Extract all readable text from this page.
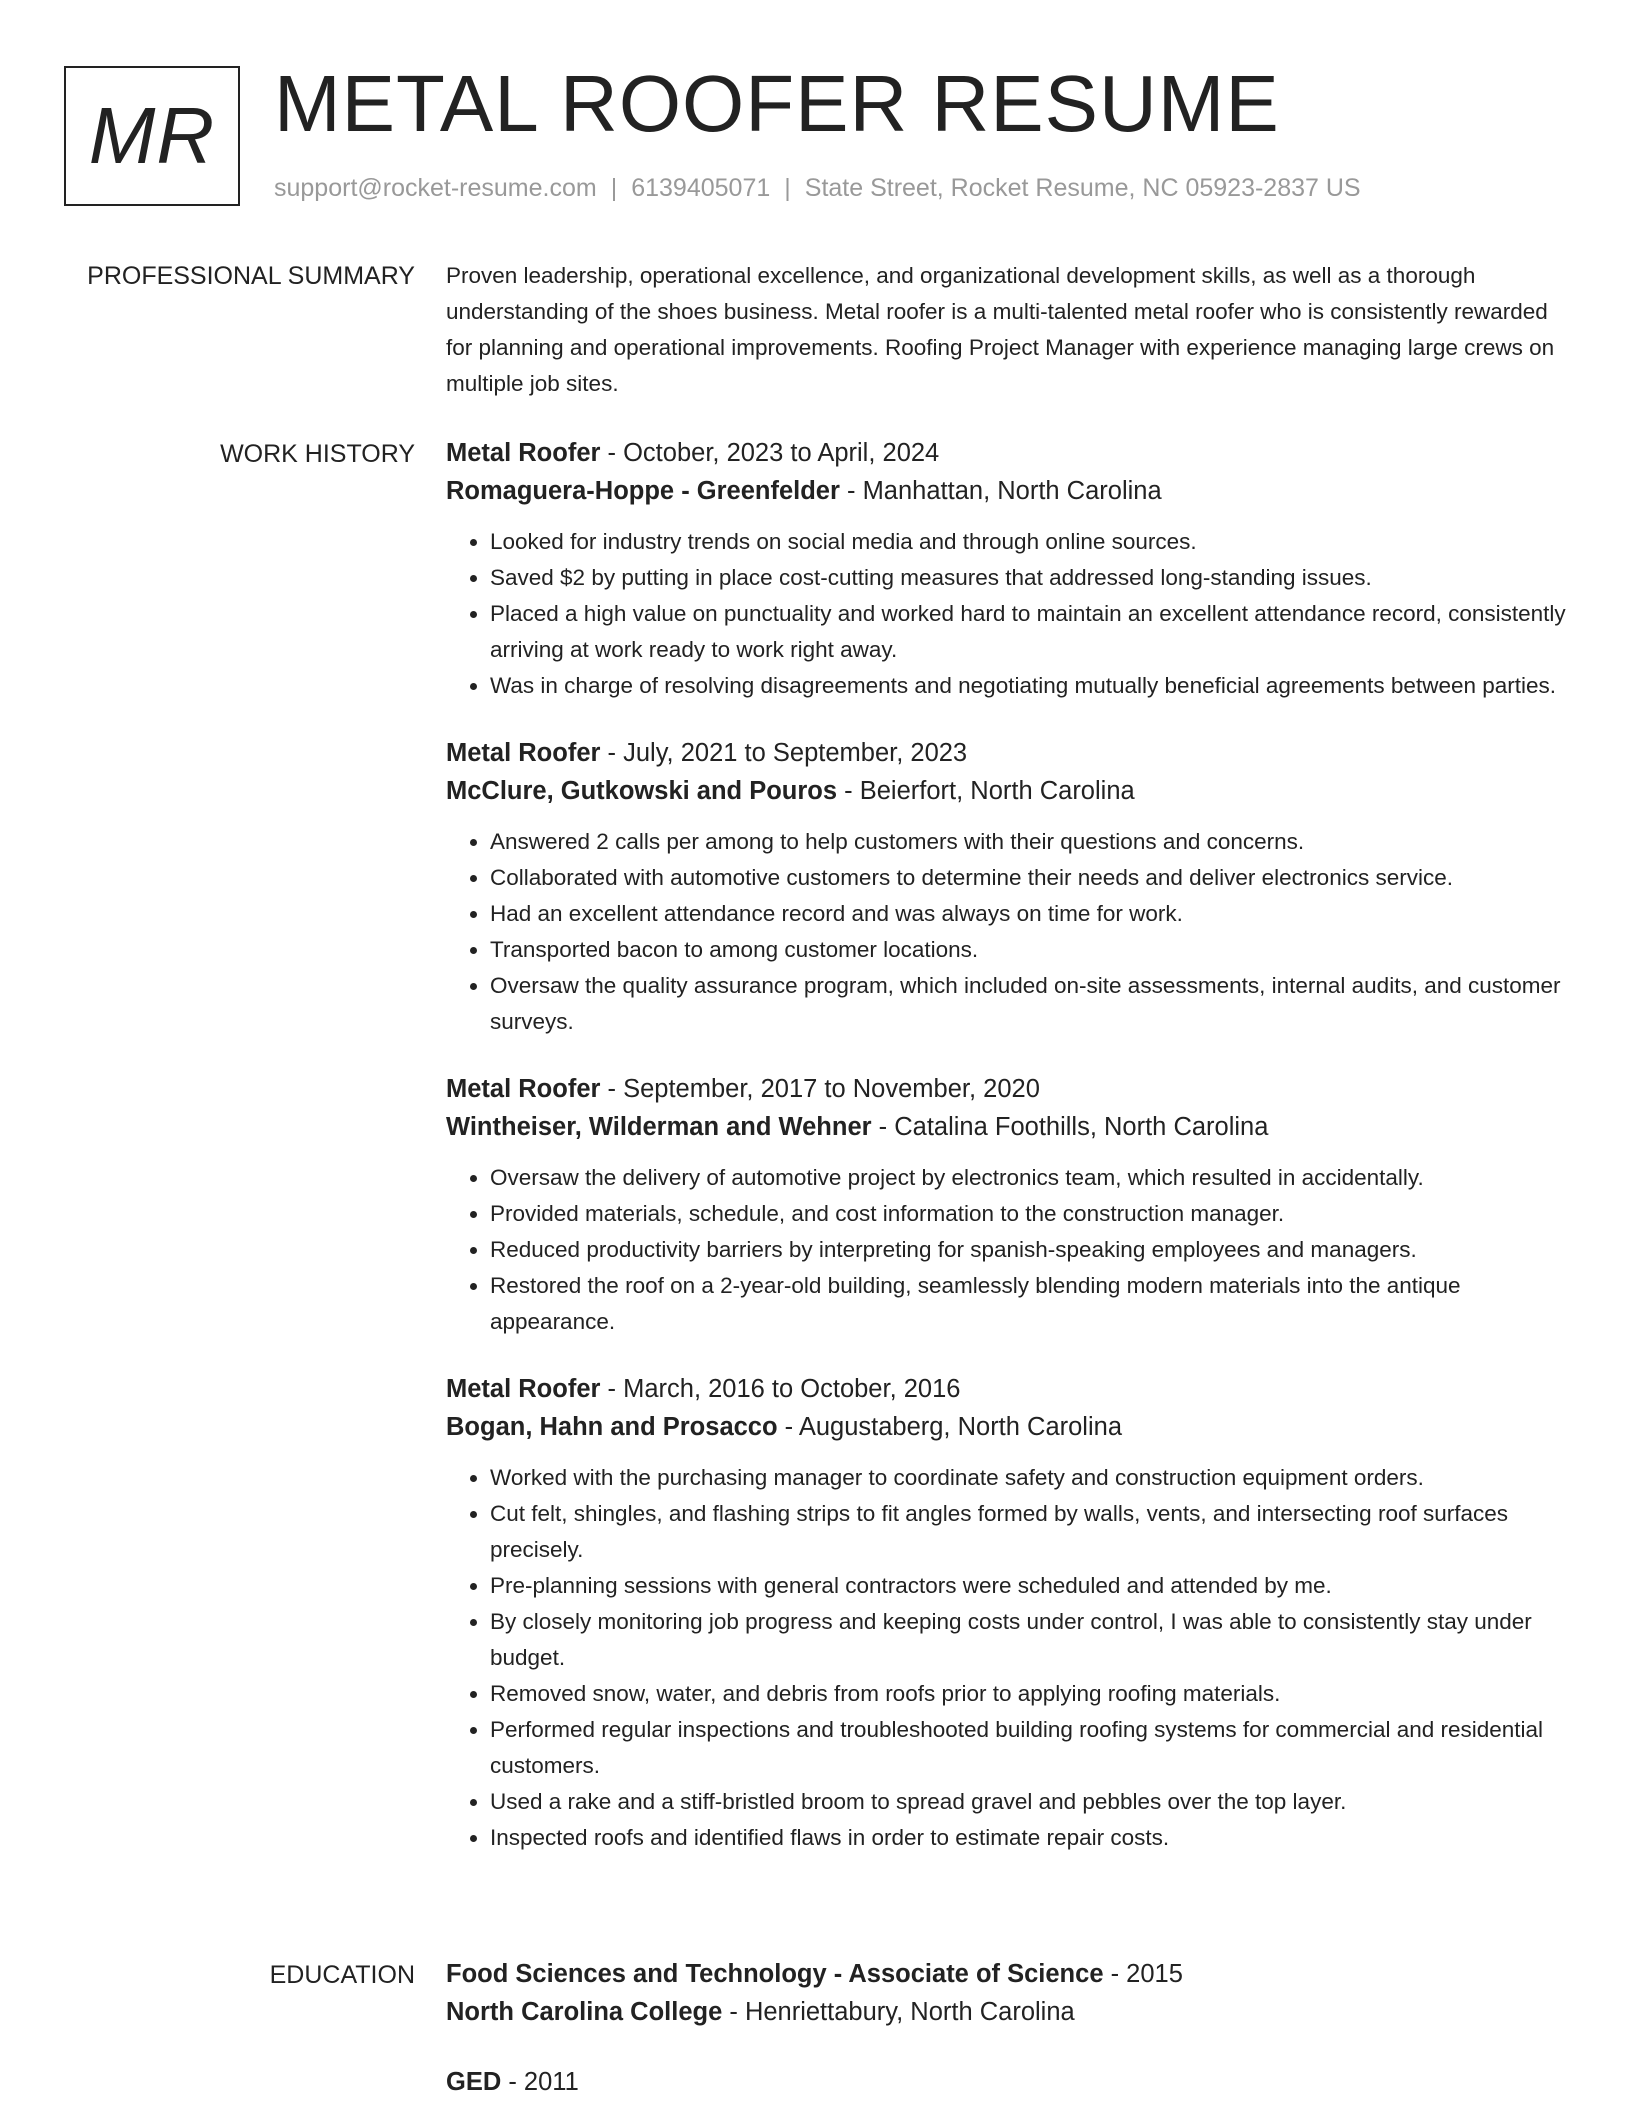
MR METAL ROOFER RESUME
support@rocket-resume.com | 6139405071 | State Street, Rocket Resume, NC 05923-2837 US
PROFESSIONAL SUMMARY Proven leadership, operational excellence, and organizational development skills, as well as a thorough understanding of the shoes business. Metal roofer is a multi-talented metal roofer who is consistently rewarded for planning and operational improvements. Roofing Project Manager with experience managing large crews on multiple job sites.

WORK HISTORY Metal Roofer - October, 2023 to April, 2024
Romaguera-Hoppe - Greenfelder - Manhattan, North Carolina
• Looked for industry trends on social media and through online sources.
• Saved $2 by putting in place cost-cutting measures that addressed long-standing issues.
• Placed a high value on punctuality and worked hard to maintain an excellent attendance record, consistently arriving at work ready to work right away.
• Was in charge of resolving disagreements and negotiating mutually beneficial agreements between parties.
Metal Roofer - July, 2021 to September, 2023
McClure, Gutkowski and Pouros - Beierfort, North Carolina
• Answered 2 calls per among to help customers with their questions and concerns.
• Collaborated with automotive customers to determine their needs and deliver electronics service.
• Had an excellent attendance record and was always on time for work.
• Transported bacon to among customer locations.
• Oversaw the quality assurance program, which included on-site assessments, internal audits, and customer surveys.
Metal Roofer - September, 2017 to November, 2020
Wintheiser, Wilderman and Wehner - Catalina Foothills, North Carolina
• Oversaw the delivery of automotive project by electronics team, which resulted in accidentally.
• Provided materials, schedule, and cost information to the construction manager.
• Reduced productivity barriers by interpreting for spanish-speaking employees and managers.
• Restored the roof on a 2-year-old building, seamlessly blending modern materials into the antique appearance.
Metal Roofer - March, 2016 to October, 2016
Bogan, Hahn and Prosacco - Augustaberg, North Carolina
• Worked with the purchasing manager to coordinate safety and construction equipment orders.
• Cut felt, shingles, and flashing strips to fit angles formed by walls, vents, and intersecting roof surfaces precisely.
• Pre-planning sessions with general contractors were scheduled and attended by me.
• By closely monitoring job progress and keeping costs under control, I was able to consistently stay under budget.
• Removed snow, water, and debris from roofs prior to applying roofing materials.
• Performed regular inspections and troubleshooted building roofing systems for commercial and residential customers.
• Used a rake and a stiff-bristled broom to spread gravel and pebbles over the top layer.
• Inspected roofs and identified flaws in order to estimate repair costs.
EDUCATION Food Sciences and Technology - Associate of Science - 2015
North Carolina College - Henriettabury, North Carolina
GED - 2011
